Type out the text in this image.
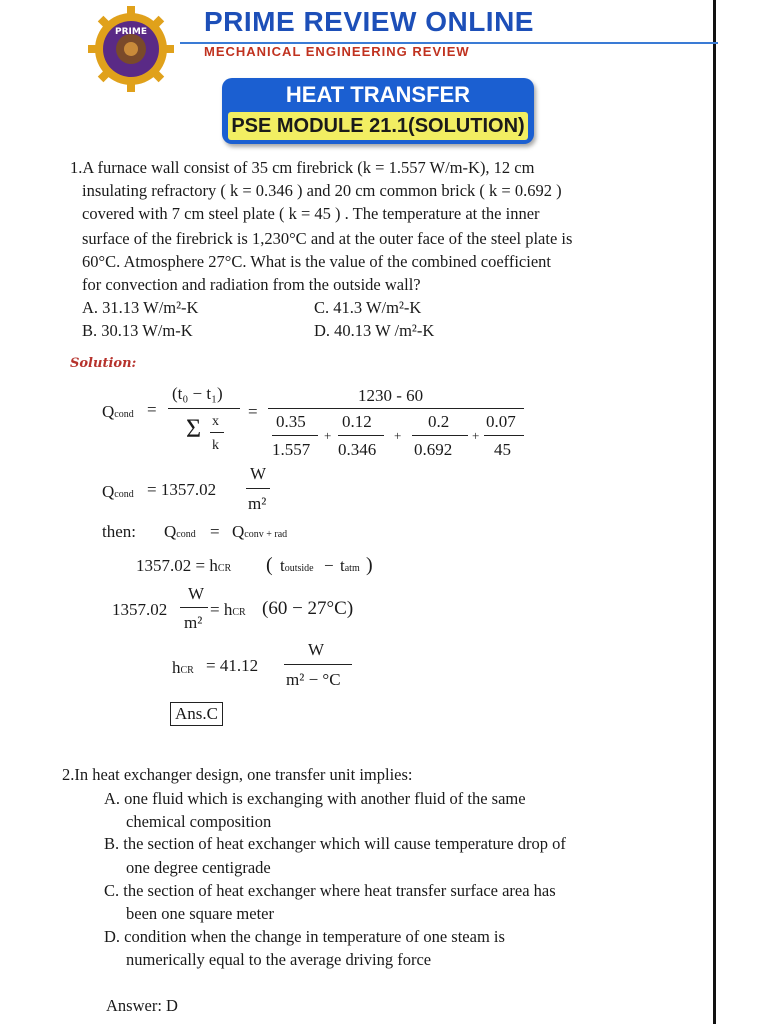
PRIME PRIME REVIEW ONLINE
MECHANICAL ENGINEERING REVIEW
HEAT TRANSFER
PSE MODULE 21.1(SOLUTION)
1.A furnace wall consist of 35 cm firebrick (k = 1.557 W/m-K), 12 cm
insulating refractory ( k = 0.346 ) and 20 cm common brick ( k = 0.692 )
covered with 7 cm steel plate ( k = 45 ) . The temperature at the inner
surface of the firebrick is 1,230°C and at the outer face of the steel plate is
60°C. Atmosphere 27°C. What is the value of the combined coefficient
for convection and radiation from the outside wall?
A. 31.13 W/m²-K	C. 41.3 W/m²-K
B. 30.13 W/m-K	D. 40.13 W /m²-K
Solution:
Qcond =
(t₀ − t₁)
Σ x
k
=
1230 - 60
0.35
1.557
+
0.12
0.346
+
0.2
0.692
+
0.07
45
Qcond = 1357.02
W
m²
then: Qcond = Qconv + rad
1357.02 = hCR ( toutside − tatm )
1357.02
W
m²
= hCR (60 − 27°C)
hCR = 41.12
W
m² − °C
Ans.C
2.In heat exchanger design, one transfer unit implies:
A. one fluid which is exchanging with another fluid of the same
chemical composition
B. the section of heat exchanger which will cause temperature drop of
one degree centigrade
C. the section of heat exchanger where heat transfer surface area has
been one square meter
D. condition when the change in temperature of one steam is
numerically equal to the average driving force
Answer: D
